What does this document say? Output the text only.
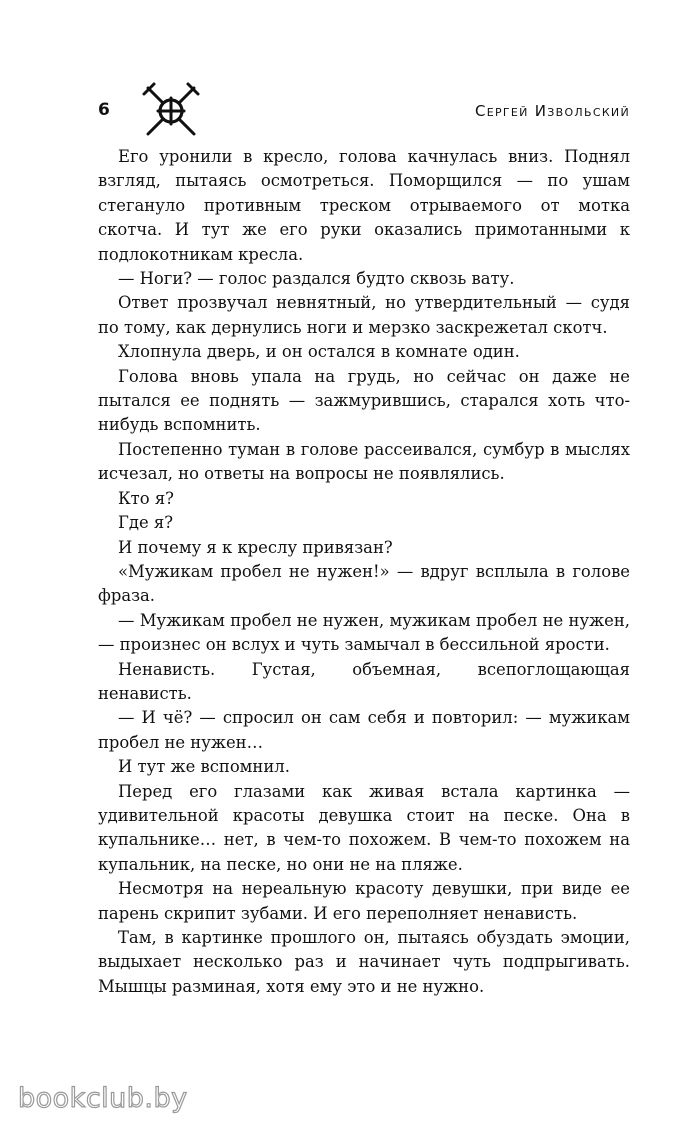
6	Сергей Извольский

Его уронили в кресло, голова качнулась вниз. Поднял взгляд, пытаясь осмотреться. Поморщился — по ушам стегануло противным треском отрываемого от мотка скотча. И тут же его руки оказались примотанными к подлокотникам кресла.

— Ноги? — голос раздался будто сквозь вату.

Ответ прозвучал невнятный, но утвердительный — судя по тому, как дернулись ноги и мерзко заскрежетал скотч.

Хлопнула дверь, и он остался в комнате один.

Голова вновь упала на грудь, но сейчас он даже не пытался ее поднять — зажмурившись, старался хоть что-нибудь вспомнить.

Постепенно туман в голове рассеивался, сумбур в мыслях исчезал, но ответы на вопросы не появлялись.

Кто я?

Где я?

И почему я к креслу привязан?

«Мужикам пробел не нужен!» — вдруг всплыла в голове фраза.

— Мужикам пробел не нужен, мужикам пробел не нужен, — произнес он вслух и чуть замычал в бессильной ярости.

Ненависть. Густая, объемная, всепоглощающая ненависть.

— И чё? — спросил он сам себя и повторил: — мужикам пробел не нужен…

И тут же вспомнил.

Перед его глазами как живая встала картинка — удивительной красоты девушка стоит на песке. Она в купальнике… нет, в чем-то похожем. В чем-то похожем на купальник, на песке, но они не на пляже.

Несмотря на нереальную красоту девушки, при виде ее парень скрипит зубами. И его переполняет ненависть.

Там, в картинке прошлого он, пытаясь обуздать эмоции, выдыхает несколько раз и начинает чуть подпрыгивать. Мышцы разминая, хотя ему это и не нужно.

bookclub.by
